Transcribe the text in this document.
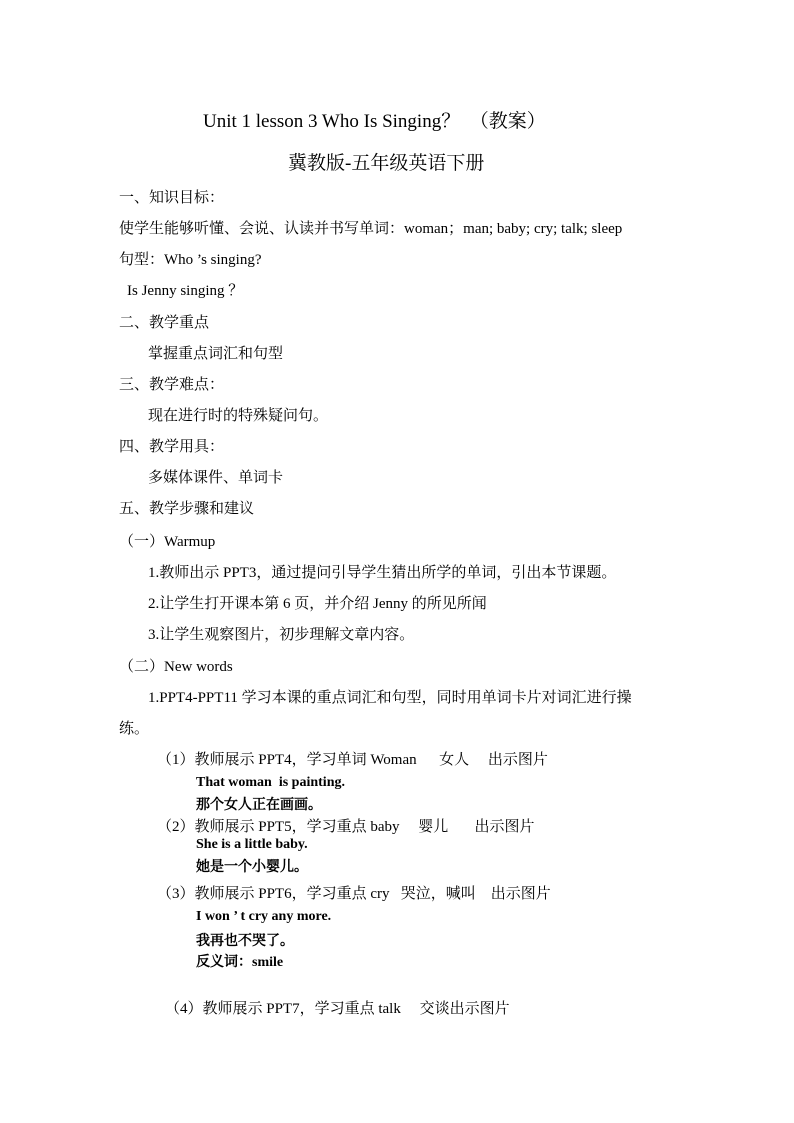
Unit 1 lesson 3 Who Is Singing？  （教案）
冀教版-五年级英语下册
一、知识目标：
使学生能够听懂、会说、认读并书写单词：woman；man; baby; cry; talk; sleep
句型：Who ’s singing?
Is Jenny singing ？
二、教学重点
掌握重点词汇和句型
三、教学难点：
现在进行时的特殊疑问句。
四、教学用具：
多媒体课件、单词卡
五、教学步骤和建议
（一）Warmup
1.教师出示 PPT3，通过提问引导学生猜出所学的单词，引出本节课题。
2.让学生打开课本第 6 页，并介绍 Jenny 的所见所闻
3.让学生观察图片，初步理解文章内容。
（二）New words
1.PPT4-PPT11 学习本课的重点词汇和句型，同时用单词卡片对词汇进行操
练。
（1）教师展示 PPT4，学习单词 Woman      女人     出示图片
That woman  is painting.
那个女人正在画画。
（2）教师展示 PPT5，学习重点 baby     婴儿       出示图片
She is a little baby.
她是一个小婴儿。
（3）教师展示 PPT6，学习重点 cry   哭泣，喊叫    出示图片
I won ’ t cry any more.
我再也不哭了。
反义词：smile
（4）教师展示 PPT7，学习重点 talk     交谈出示图片
